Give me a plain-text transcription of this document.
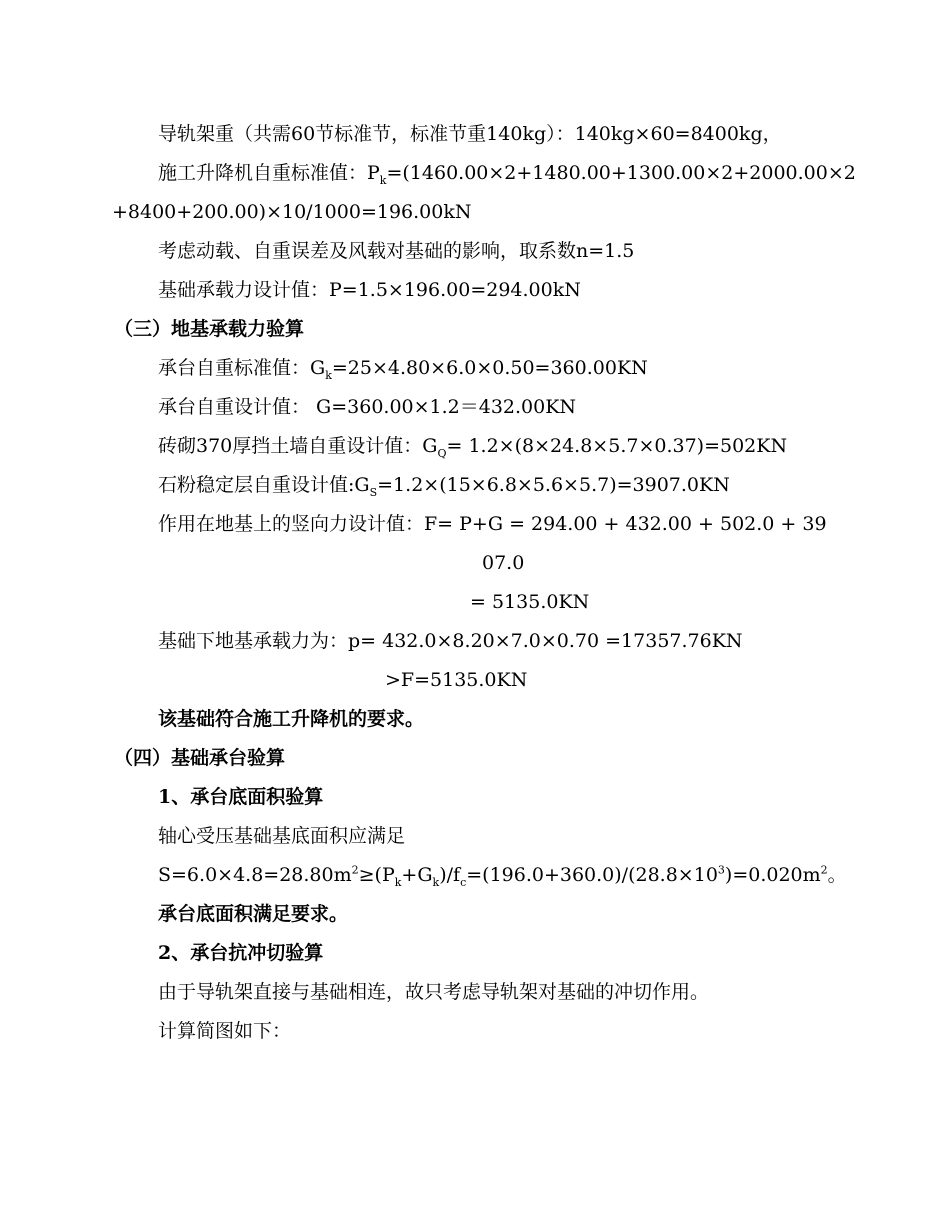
导轨架重（共需60节标准节，标准节重140kg）：140kg×60=8400kg，
施工升降机自重标准值：$P_k=(1460.00\times 2+1480.00+1300.00\times 2+2000.00\times 2$
+8400+200.00)×10/1000=196.00kN
考虑动载、自重误差及风载对基础的影响，取系数n=1.5
基础承载力设计值：P=1.5×196.00=294.00kN
（三）地基承载力验算
承台自重标准值：$G_k=25\times 4.80\times 6.0\times 0.50=360.00KN$
承台自重设计值： G=360.00×1.2＝432.00KN
砖砌370厚挡土墙自重设计值：$G_Q= 1.2\times(8\times 24.8\times 5.7\times 0.37)=502KN$
石粉稳定层自重设计值$:G_S=1.2\times(15\times 6.8\times 5.6\times 5.7)=3907.0KN$
作用在地基上的竖向力设计值：F= P+G = 294.00 + 432.00 + 502.0 + 39
07.0
= 5135.0KN
基础下地基承载力为：p= 432.0×8.20×7.0×0.70 =17357.76KN
>F=5135.0KN
该基础符合施工升降机的要求。
（四）基础承台验算
1、承台底面积验算
轴心受压基础基底面积应满足
$S=6.0\times 4.8=28.80m^2\ge(P_k+G_k)/f_c=(196.0+360.0)/(28.8\times 10^3)=0.020m^2$。
承台底面积满足要求。
2、承台抗冲切验算
由于导轨架直接与基础相连，故只考虑导轨架对基础的冲切作用。
计算简图如下：
